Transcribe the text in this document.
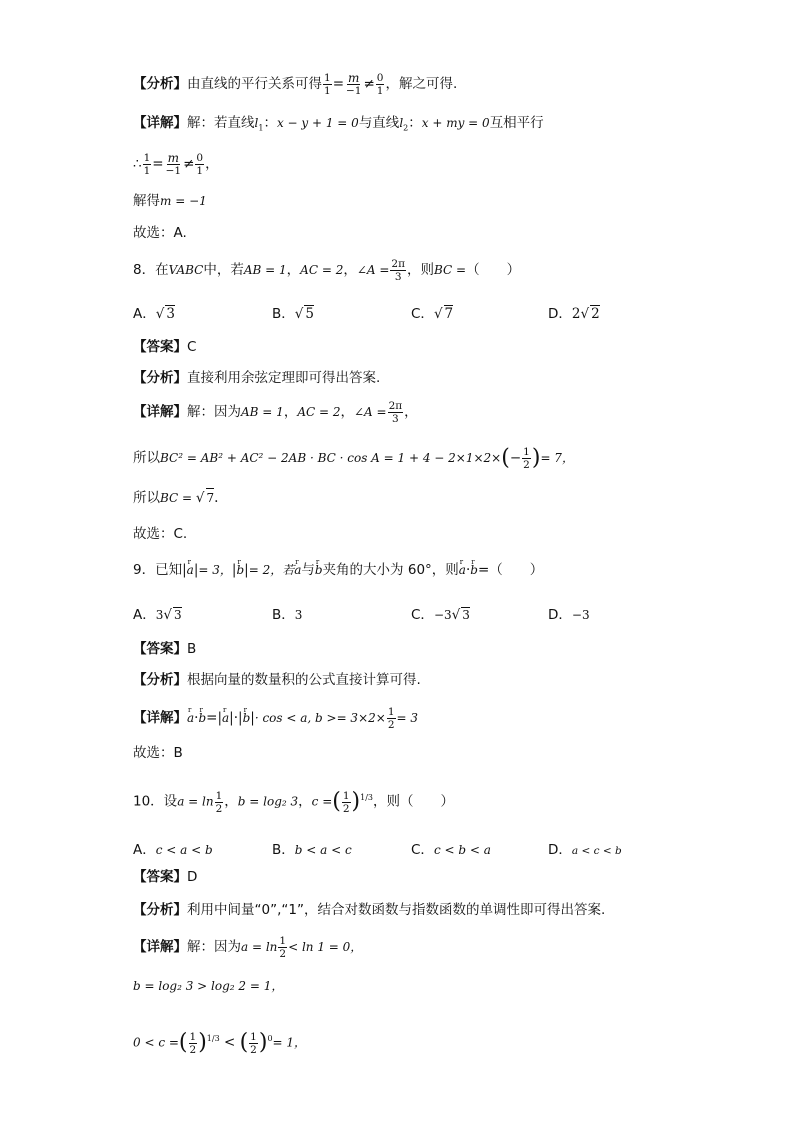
【分析】由直线的平行关系可得 $\frac{1}{1} = \frac{m}{-1} \ne \frac{0}{1}$ ，解之可得.
【详解】解：若直线$l_1$：x − y + 1 = 0与直线$l_2$：x + my = 0互相平行
∴ $\frac{1}{1} = \frac{m}{-1} \ne \frac{0}{1}$ ，
解得m = −1
故选：A.
8．在VABC中，若AB = 1，AC = 2，∠A = $\frac{2\pi}{3}$ ，则BC =（　　）
A．√ 3	B．√ 5	C．√ 7	D．2√ 2
【答案】C
【分析】直接利用余弦定理即可得出答案.
【详解】解：因为AB = 1，AC = 2，∠A = $\frac{2\pi}{3}$ ，
所以BC² = AB² + AC² − 2AB · BC · $\cos A = 1 + 4 - 2\times 1\times 2\times(- \frac{1}{2}$ )= 7，
所以BC = √ 7.
故选：C.
9．已知|r a|= 3，|r b|= 2，若r a与r b夹角的大小为 60°，则r a·r b=（　　）
A．3√ 3	B．3	C．−3√ 3	D．−3
【答案】B
【分析】根据向量的数量积的公式直接计算可得.
【详解】r a·r b=|r a|·|r b|· cos < a, $b >= 3\times 2\times \frac{1}{2} = 3$
故选：B
10．设$a = \ln \frac{1}{2}$ ，b = log₂ 3，c =( $\frac{1}{2} )^{1/3}$，则（　　）
A．c < a < b	B．b < a < c	C．c < b < a	D．a < c < b
【答案】D
【分析】利用中间量“0”,“1”，结合对数函数与指数函数的单调性即可得出答案.
【详解】解：因为$a = \ln \frac{1}{2} < \ln 1 = 0$，
b = log₂ 3 > log₂ 2 = 1，
0 < c =( $\frac{1}{2} )^{1/3}$ < ( $\frac{1}{2} )^0= 1$，
